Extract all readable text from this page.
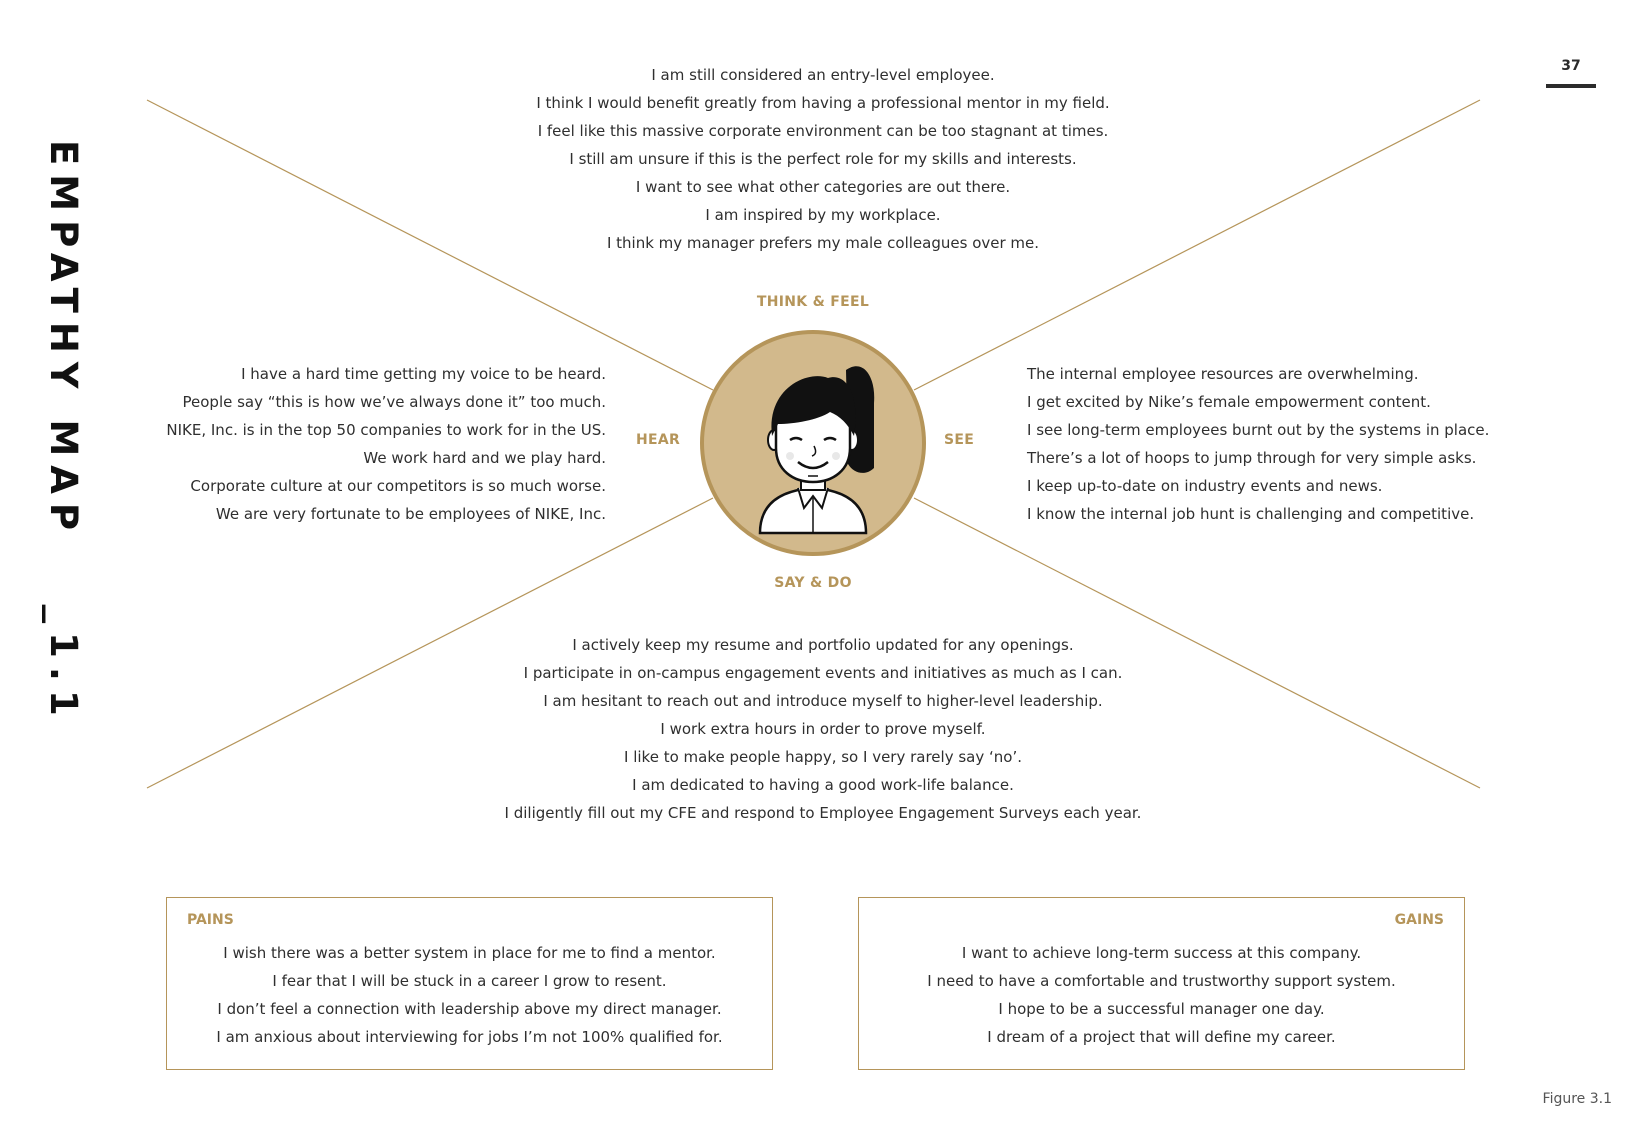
37
EMPATHY MAP   _1.1
I am still considered an entry-level employee.
I think I would benefit greatly from having a professional mentor in my field.
I feel like this massive corporate environment can be too stagnant at times.
I still am unsure if this is the perfect role for my skills and interests.
I want to see what other categories are out there.
I am inspired by my workplace.
I think my manager prefers my male colleagues over me.
THINK & FEEL
SAY & DO
HEAR	SEE
I have a hard time getting my voice to be heard.
People say “this is how we’ve always done it” too much.
NIKE, Inc. is in the top 50 companies to work for in the US.
We work hard and we play hard.
Corporate culture at our competitors is so much worse.
We are very fortunate to be employees of NIKE, Inc.
The internal employee resources are overwhelming.
I get excited by Nike’s female empowerment content.
I see long-term employees burnt out by the systems in place.
There’s a lot of hoops to jump through for very simple asks.
I keep up-to-date on industry events and news.
I know the internal job hunt is challenging and competitive.
I actively keep my resume and portfolio updated for any openings.
I participate in on-campus engagement events and initiatives as much as I can.
I am hesitant to reach out and introduce myself to higher-level leadership.
I work extra hours in order to prove myself.
I like to make people happy, so I very rarely say ‘no’.
I am dedicated to having a good work-life balance.
I diligently fill out my CFE and respond to Employee Engagement Surveys each year.
PAINS
I wish there was a better system in place for me to find a mentor.
I fear that I will be stuck in a career I grow to resent.
I don’t feel a connection with leadership above my direct manager.
I am anxious about interviewing for jobs I’m not 100% qualified for.
GAINS
I want to achieve long-term success at this company.
I need to have a comfortable and trustworthy support system.
I hope to be a successful manager one day.
I dream of a project that will define my career.
Figure 3.1
